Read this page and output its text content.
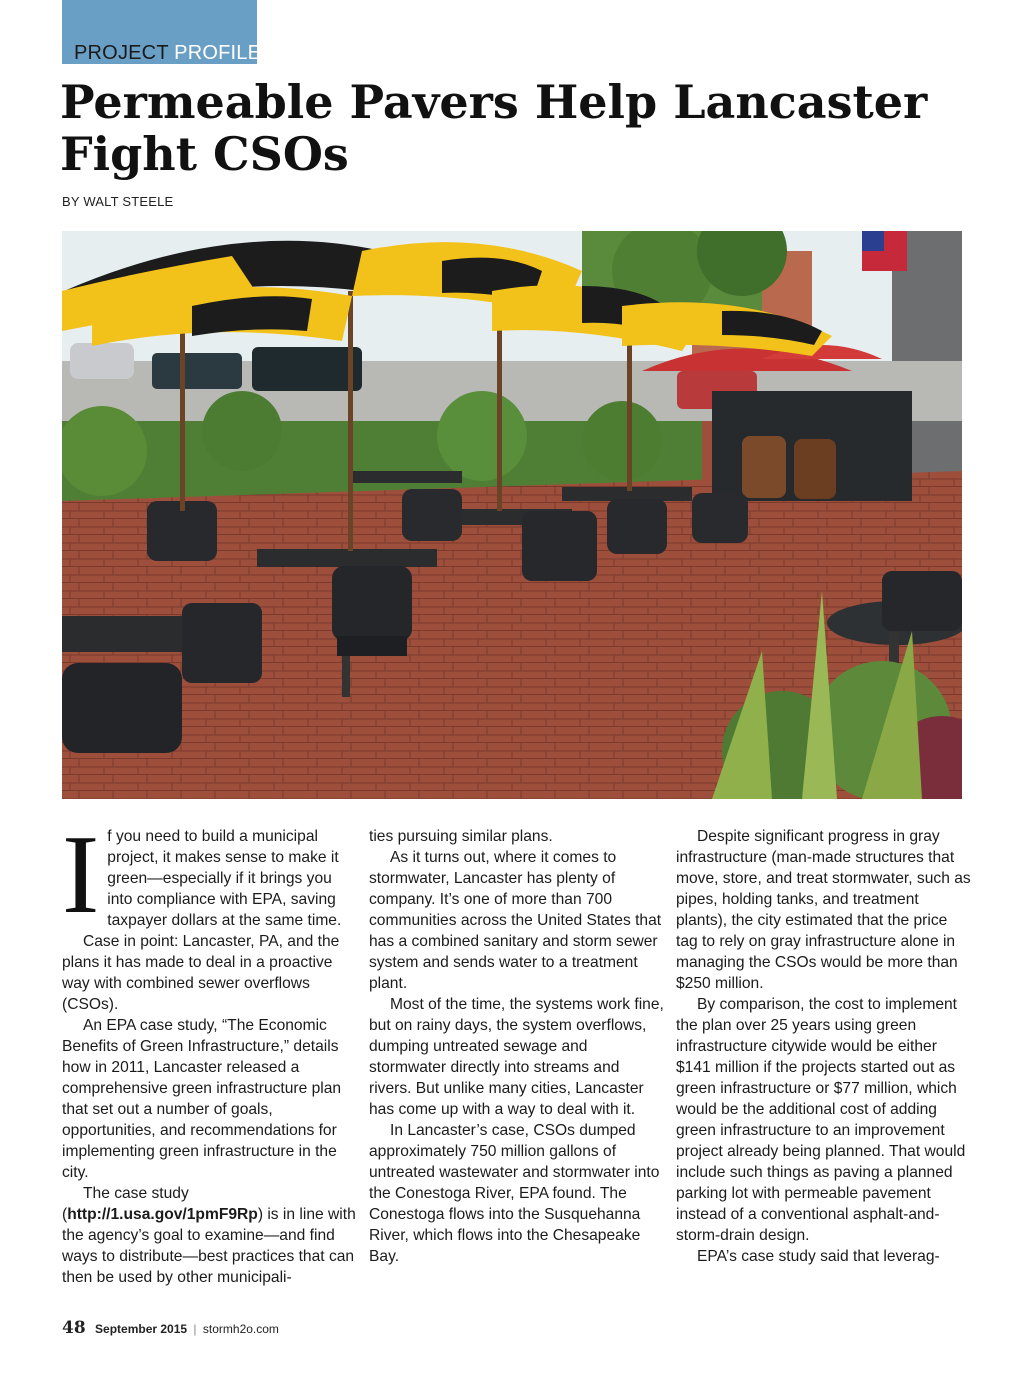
PROJECT PROFILE
Permeable Pavers Help Lancaster Fight CSOs
BY WALT STEELE

If you need to build a municipal project, it makes sense to make it green—especially if it brings you into compliance with EPA, saving taxpayer dollars at the same time.

Case in point: Lancaster, PA, and the plans it has made to deal in a proactive way with combined sewer overflows (CSOs).

An EPA case study, “The Economic Benefits of Green Infrastructure,” details how in 2011, Lancaster released a comprehensive green infrastructure plan that set out a number of goals, opportunities, and recommendations for implementing green infrastructure in the city.

The case study (http://1.usa.gov/1pmF9Rp) is in line with the agency’s goal to examine—and find ways to distribute—best practices that can then be used by other municipali-

ties pursuing similar plans.

As it turns out, where it comes to stormwater, Lancaster has plenty of company. It’s one of more than 700 communities across the United States that has a combined sanitary and storm sewer system and sends water to a treatment plant.

Most of the time, the systems work fine, but on rainy days, the system overflows, dumping untreated sewage and stormwater directly into streams and rivers. But unlike many cities, Lancaster has come up with a way to deal with it.

In Lancaster’s case, CSOs dumped approximately 750 million gallons of untreated wastewater and stormwater into the Conestoga River, EPA found. The Conestoga flows into the Susquehanna River, which flows into the Chesapeake Bay.

Despite significant progress in gray infrastructure (man-made structures that move, store, and treat stormwater, such as pipes, holding tanks, and treatment plants), the city estimated that the price tag to rely on gray infrastructure alone in managing the CSOs would be more than $250 million.

By comparison, the cost to implement the plan over 25 years using green infrastructure citywide would be either $141 million if the projects started out as green infrastructure or $77 million, which would be the additional cost of adding green infrastructure to an improvement project already being planned. That would include such things as paving a planned parking lot with permeable pavement instead of a conventional asphalt-and-storm-drain design.

EPA’s case study said that leverag-

48 September 2015 | stormh2o.com
